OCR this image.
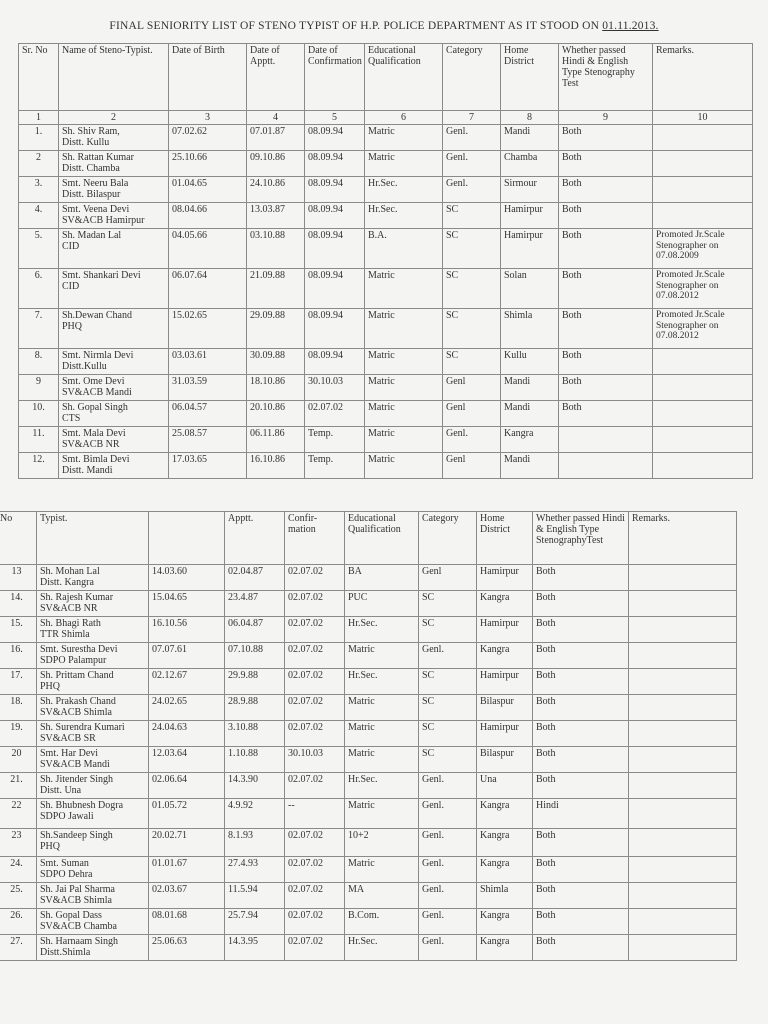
FINAL SENIORITY LIST OF STENO TYPIST OF H.P. POLICE DEPARTMENT AS IT STOOD ON 01.11.2013.
Sr. No	Name of Steno-Typist.	Date of Birth	Date of Apptt.	Date of Confirmation	Educational Qualification	Category	Home District	Whether passed Hindi & English Type Stenography Test	Remarks.
1	2	3	4	5	6	7	8	9	10

1.	Sh. Shiv Ram,
Distt. Kullu	07.02.62	07.01.87	08.09.94	Matric	Genl.	Mandi	Both	

2	Sh. Rattan Kumar
Distt. Chamba	25.10.66	09.10.86	08.09.94	Matric	Genl.	Chamba	Both	

3.	Smt. Neeru Bala
Distt. Bilaspur	01.04.65	24.10.86	08.09.94	Hr.Sec.	Genl.	Sirmour	Both	

4.	Smt. Veena Devi
SV&ACB Hamirpur	08.04.66	13.03.87	08.09.94	Hr.Sec.	SC	Hamirpur	Both	

5.	Sh. Madan Lal
CID	04.05.66	03.10.88	08.09.94	B.A.	SC	Hamirpur	Both	Promoted Jr.Scale Stenographer on 07.08.2009

6.	Smt. Shankari Devi
CID	06.07.64	21.09.88	08.09.94	Matric	SC	Solan	Both	Promoted Jr.Scale Stenographer on 07.08.2012

7.	Sh.Dewan Chand
PHQ	15.02.65	29.09.88	08.09.94	Matric	SC	Shimla	Both	Promoted Jr.Scale Stenographer on 07.08.2012

8.	Smt. Nirmla Devi
Distt.Kullu	03.03.61	30.09.88	08.09.94	Matric	SC	Kullu	Both	

9	Smt. Ome Devi
SV&ACB Mandi	31.03.59	18.10.86	30.10.03	Matric	Genl	Mandi	Both	

10.	Sh. Gopal Singh
CTS	06.04.57	20.10.86	02.07.02	Matric	Genl	Mandi	Both	

11.	Smt. Mala Devi
SV&ACB NR	25.08.57	06.11.86	Temp.	Matric	Genl.	Kangra		

12.	Smt. Bimla Devi
Distt. Mandi	17.03.65	16.10.86	Temp.	Matric	Genl	Mandi		

No	Typist.		Apptt.	Confir-mation	Educational Qualification	Category	Home District	Whether passed Hindi & English Type StenographyTest	Remarks.

13	Sh. Mohan Lal
Distt. Kangra	14.03.60	02.04.87	02.07.02	BA	Genl	Hamirpur	Both	

14.	Sh. Rajesh Kumar
SV&ACB NR	15.04.65	23.4.87	02.07.02	PUC	SC	Kangra	Both	

15.	Sh. Bhagi Rath
TTR Shimla	16.10.56	06.04.87	02.07.02	Hr.Sec.	SC	Hamirpur	Both	

16.	Smt. Surestha Devi
SDPO Palampur	07.07.61	07.10.88	02.07.02	Matric	Genl.	Kangra	Both	

17.	Sh. Prittam Chand
PHQ	02.12.67	29.9.88	02.07.02	Hr.Sec.	SC	Hamirpur	Both	

18.	Sh. Prakash Chand
SV&ACB Shimla	24.02.65	28.9.88	02.07.02	Matric	SC	Bilaspur	Both	

19.	Sh. Surendra Kumari
SV&ACB SR	24.04.63	3.10.88	02.07.02	Matric	SC	Hamirpur	Both	

20	Smt. Har Devi
SV&ACB Mandi	12.03.64	1.10.88	30.10.03	Matric	SC	Bilaspur	Both	

21.	Sh. Jitender Singh
Distt. Una	02.06.64	14.3.90	02.07.02	Hr.Sec.	Genl.	Una	Both	

22	Sh. Bhubnesh Dogra
SDPO Jawali	01.05.72	4.9.92	--	Matric	Genl.	Kangra	Hindi	

23	Sh.Sandeep Singh
PHQ	20.02.71	8.1.93	02.07.02	10+2	Genl.	Kangra	Both	

24.	Smt. Suman
SDPO Dehra	01.01.67	27.4.93	02.07.02	Matric	Genl.	Kangra	Both	

25.	Sh. Jai Pal Sharma
SV&ACB Shimla	02.03.67	11.5.94	02.07.02	MA	Genl.	Shimla	Both	

26.	Sh. Gopal Dass
SV&ACB Chamba	08.01.68	25.7.94	02.07.02	B.Com.	Genl.	Kangra	Both	

27.	Sh. Harnaam Singh
Distt.Shimla	25.06.63	14.3.95	02.07.02	Hr.Sec.	Genl.	Kangra	Both	
